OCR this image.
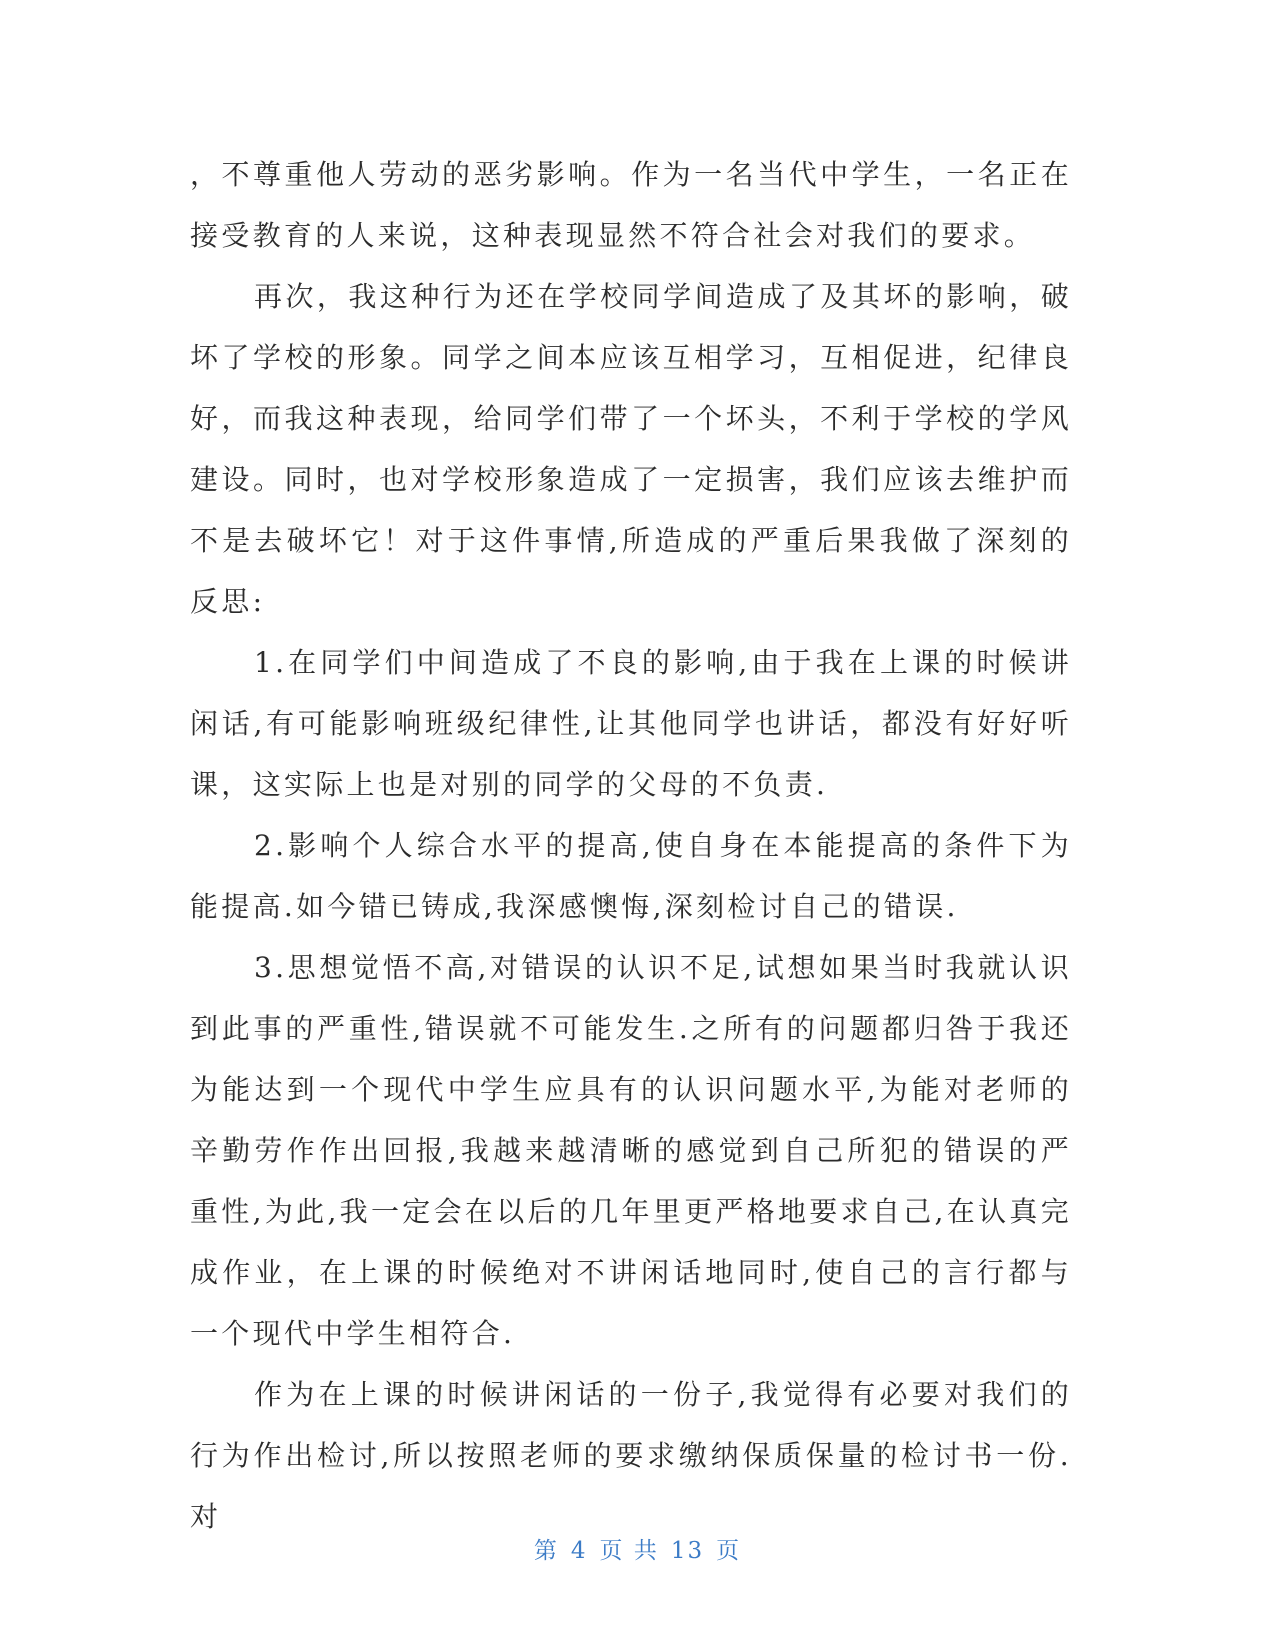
，不尊重他人劳动的恶劣影响。作为一名当代中学生，一名正在接受教育的人来说，这种表现显然不符合社会对我们的要求。

再次，我这种行为还在学校同学间造成了及其坏的影响，破坏了学校的形象。同学之间本应该互相学习，互相促进，纪律良好，而我这种表现，给同学们带了一个坏头，不利于学校的学风建设。同时，也对学校形象造成了一定损害，我们应该去维护而不是去破坏它！对于这件事情,所造成的严重后果我做了深刻的反思:

1.在同学们中间造成了不良的影响,由于我在上课的时候讲闲话,有可能影响班级纪律性,让其他同学也讲话，都没有好好听课，这实际上也是对别的同学的父母的不负责.

2.影响个人综合水平的提高,使自身在本能提高的条件下为能提高.如今错已铸成,我深感懊悔,深刻检讨自己的错误.

3.思想觉悟不高,对错误的认识不足,试想如果当时我就认识到此事的严重性,错误就不可能发生.之所有的问题都归咎于我还为能达到一个现代中学生应具有的认识问题水平,为能对老师的辛勤劳作作出回报,我越来越清晰的感觉到自己所犯的错误的严重性,为此,我一定会在以后的几年里更严格地要求自己,在认真完成作业，在上课的时候绝对不讲闲话地同时,使自己的言行都与一个现代中学生相符合.

作为在上课的时候讲闲话的一份子,我觉得有必要对我们的行为作出检讨,所以按照老师的要求缴纳保质保量的检讨书一份.对

第 4 页 共 13 页
